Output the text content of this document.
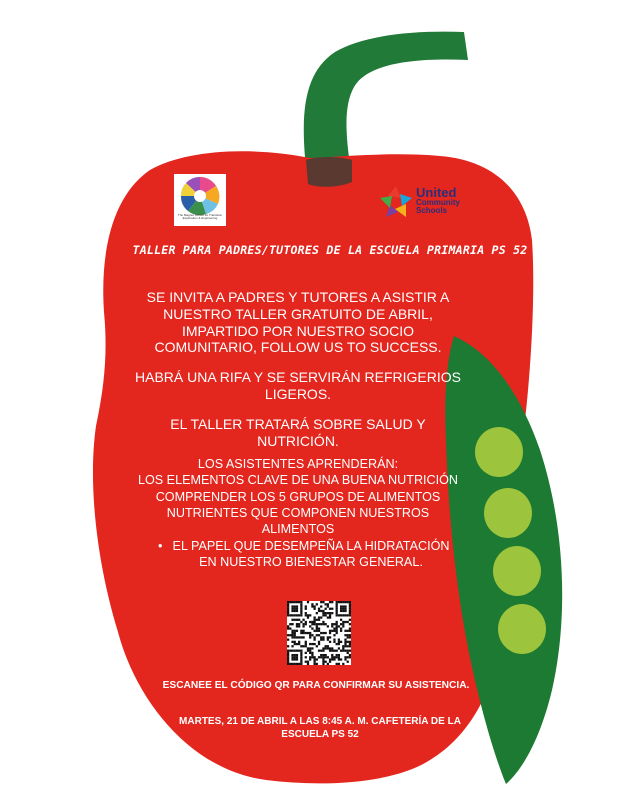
The Magnet School for Transition Exploration & Engineering
United
Community
Schools
TALLER PARA PADRES/TUTORES DE LA ESCUELA PRIMARIA PS 52

SE INVITA A PADRES Y TUTORES A ASISTIR A NUESTRO TALLER GRATUITO DE ABRIL, IMPARTIDO POR NUESTRO SOCIO COMUNITARIO, FOLLOW US TO SUCCESS.

HABRÁ UNA RIFA Y SE SERVIRÁN REFRIGERIOS LIGEROS.

EL TALLER TRATARÁ SOBRE SALUD Y NUTRICIÓN.

LOS ASISTENTES APRENDERÁN:
LOS ELEMENTOS CLAVE DE UNA BUENA NUTRICIÓN
COMPRENDER LOS 5 GRUPOS DE ALIMENTOS NUTRIENTES QUE COMPONEN NUESTROS ALIMENTOS
• EL PAPEL QUE DESEMPEÑA LA HIDRATACIÓN EN NUESTRO BIENESTAR GENERAL.
ESCANEE EL CÓDIGO QR PARA CONFIRMAR SU ASISTENCIA.
MARTES, 21 DE ABRIL A LAS 8:45 A. M. CAFETERÍA DE LA ESCUELA PS 52
